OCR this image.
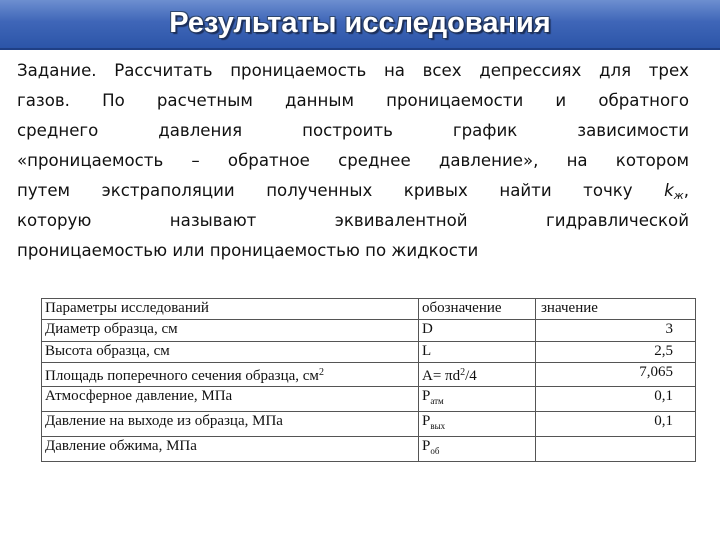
Результаты исследования
Задание. Рассчитать проницаемость на всех депрессиях для трех
газов. По расчетным данным проницаемости и обратного
среднего давления построить график зависимости
«проницаемость – обратное среднее давление», на котором
путем экстраполяции полученных кривых найти точку $k_ж$,
которую называют эквивалентной гидравлической
проницаемостью или проницаемостью по жидкости
Параметры исследований	обозначение	значение
Диаметр образца, см	D	3
Высота образца, см	L	2,5
Площадь поперечного сечения образца, $см^2$	$A= \pi d^2/4$	7,065
Атмосферное давление, МПа	$P_{атм}$	0,1
Давление на выходе из образца, МПа	$P_{вых}$	0,1
Давление обжима, МПа	$P_{об}$	
